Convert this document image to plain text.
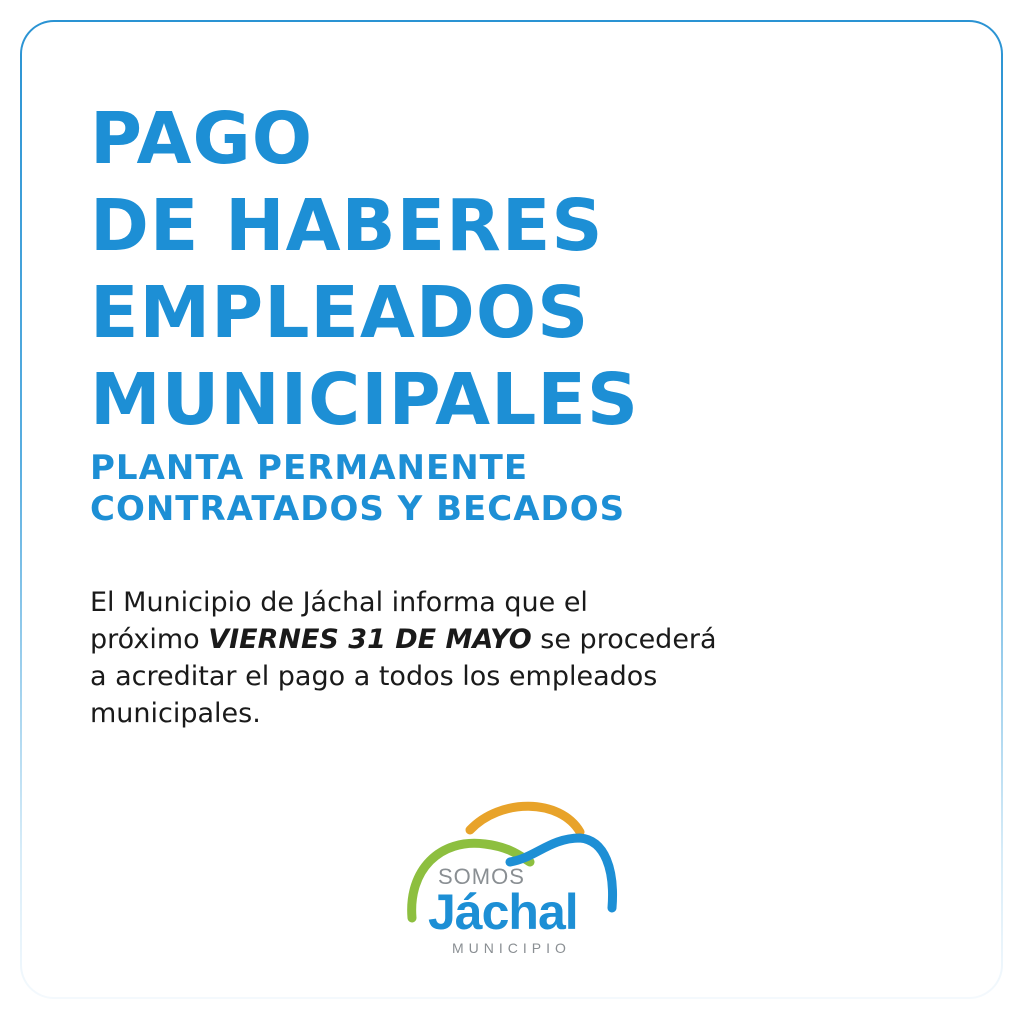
PAGO
DE HABERES
EMPLEADOS
MUNICIPALES
PLANTA PERMANENTE
CONTRATADOS Y BECADOS

El Municipio de Jáchal informa que el
próximo VIERNES 31 DE MAYO se procederá
a acreditar el pago a todos los empleados
municipales.

SOMOS
Jáchal
MUNICIPIO
